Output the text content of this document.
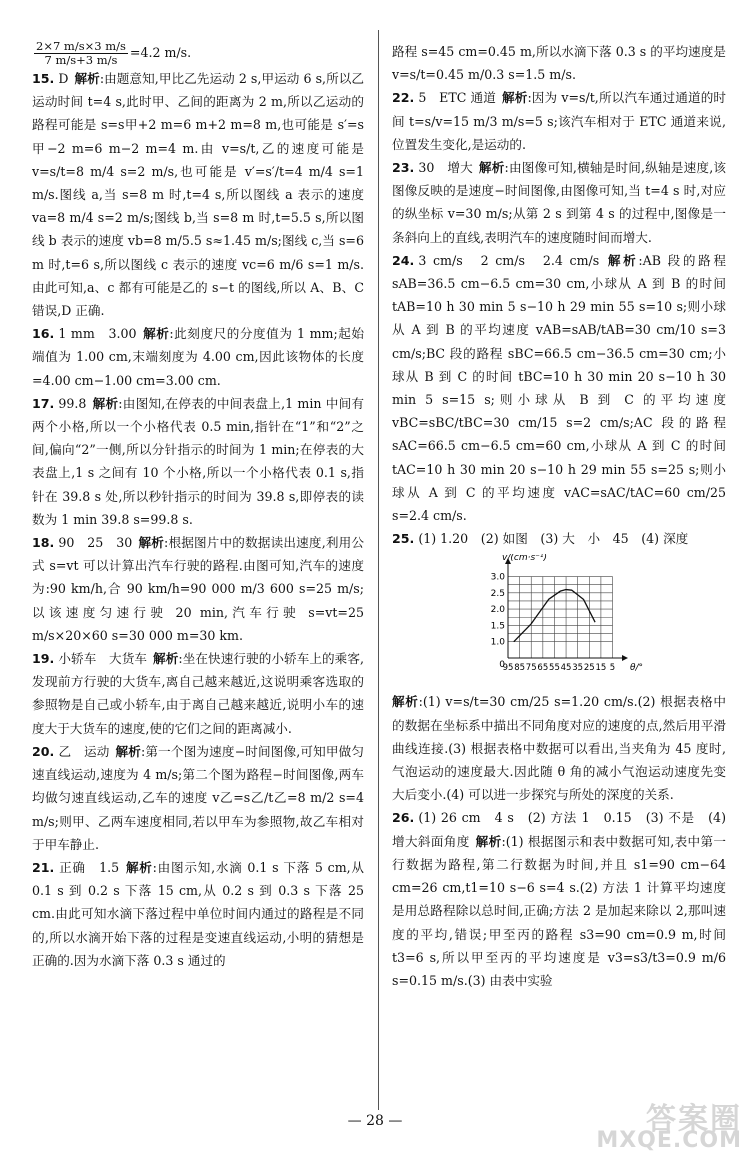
$\frac{2\times 7 m/s\times 3 m/s}{7 m/s+3 m/s} =4.2$ m/s.

15. D 解析:由题意知,甲比乙先运动 2 s,甲运动 6 s,所以乙运动时间 t=4 s,此时甲、乙间的距离为 2 m,所以乙运动的路程可能是 s=s甲+2 m=6 m+2 m=8 m,也可能是 s′=s甲−2 m=6 m−2 m=4 m.由 v=s/t,乙的速度可能是 v=s/t=8 m/4 s=2 m/s,也可能是 v′=s′/t=4 m/4 s=1 m/s.图线 a,当 s=8 m 时,t=4 s,所以图线 a 表示的速度 va=8 m/4 s=2 m/s;图线 b,当 s=8 m 时,t=5.5 s,所以图线 b 表示的速度 vb=8 m/5.5 s≈1.45 m/s;图线 c,当 s=6 m 时,t=6 s,所以图线 c 表示的速度 vc=6 m/6 s=1 m/s.由此可知,a、c 都有可能是乙的 s−t 的图线,所以 A、B、C 错误,D 正确.

16. 1 mm　3.00 解析:此刻度尺的分度值为 1 mm;起始端值为 1.00 cm,末端刻度为 4.00 cm,因此该物体的长度=4.00 cm−1.00 cm=3.00 cm.

17. 99.8 解析:由图知,在停表的中间表盘上,1 min 中间有两个小格,所以一个小格代表 0.5 min,指针在“1”和“2”之间,偏向“2”一侧,所以分针指示的时间为 1 min;在停表的大表盘上,1 s 之间有 10 个小格,所以一个小格代表 0.1 s,指针在 39.8 s 处,所以秒针指示的时间为 39.8 s,即停表的读数为 1 min 39.8 s=99.8 s.

18. 90　25　30 解析:根据图片中的数据读出速度,利用公式 s=vt 可以计算出汽车行驶的路程.由图可知,汽车的速度为:90 km/h,合 90 km/h=90 000 m/3 600 s=25 m/s;以该速度匀速行驶 20 min,汽车行驶 s=vt=25 m/s×20×60 s=30 000 m=30 km.

19. 小轿车　大货车 解析:坐在快速行驶的小轿车上的乘客,发现前方行驶的大货车,离自己越来越近,这说明乘客选取的参照物是自己或小轿车,由于离自己越来越近,说明小车的速度大于大货车的速度,使的它们之间的距离减小.

20. 乙　运动 解析:第一个图为速度−时间图像,可知甲做匀速直线运动,速度为 4 m/s;第二个图为路程−时间图像,两车均做匀速直线运动,乙车的速度 v乙=s乙/t乙=8 m/2 s=4 m/s;则甲、乙两车速度相同,若以甲车为参照物,故乙车相对于甲车静止.

21. 正确　1.5 解析:由图示知,水滴 0.1 s 下落 5 cm,从 0.1 s 到 0.2 s 下落 15 cm,从 0.2 s 到 0.3 s 下落 25 cm.由此可知水滴下落过程中单位时间内通过的路程是不同的,所以水滴开始下落的过程是变速直线运动,小明的猜想是正确的.因为水滴下落 0.3 s 通过的

路程 s=45 cm=0.45 m,所以水滴下落 0.3 s 的平均速度是 v=s/t=0.45 m/0.3 s=1.5 m/s.

22. 5　ETC 通道 解析:因为 v=s/t,所以汽车通过通道的时间 t=s/v=15 m/3 m/s=5 s;该汽车相对于 ETC 通道来说,位置发生变化,是运动的.

23. 30　增大 解析:由图像可知,横轴是时间,纵轴是速度,该图像反映的是速度−时间图像,由图像可知,当 t=4 s 时,对应的纵坐标 v=30 m/s;从第 2 s 到第 4 s 的过程中,图像是一条斜向上的直线,表明汽车的速度随时间而增大.

24. 3 cm/s　2 cm/s　2.4 cm/s 解析:AB 段的路程 sAB=36.5 cm−6.5 cm=30 cm,小球从 A 到 B 的时间 tAB=10 h 30 min 5 s−10 h 29 min 55 s=10 s;则小球从 A 到 B 的平均速度 vAB=sAB/tAB=30 cm/10 s=3 cm/s;BC 段的路程 sBC=66.5 cm−36.5 cm=30 cm;小球从 B 到 C 的时间 tBC=10 h 30 min 20 s−10 h 30 min 5 s=15 s;则小球从 B 到 C 的平均速度 vBC=sBC/tBC=30 cm/15 s=2 cm/s;AC 段的路程 sAC=66.5 cm−6.5 cm=60 cm,小球从 A 到 C 的时间 tAC=10 h 30 min 20 s−10 h 29 min 55 s=25 s;则小球从 A 到 C 的平均速度 vAC=sAC/tAC=60 cm/25 s=2.4 cm/s.

25. (1) 1.20　(2) 如图　(3) 大　小　45　(4) 深度

1.0
1.5
2.0
2.5
3.0
0
95 85 75 65 55 45 35 25 15 5
v/(cm·s⁻¹)
θ/°

解析:(1) v=s/t=30 cm/25 s=1.20 cm/s.(2) 根据表格中的数据在坐标系中描出不同角度对应的速度的点,然后用平滑曲线连接.(3) 根据表格中数据可以看出,当夹角为 45 度时,气泡运动的速度最大.因此随 θ 角的减小气泡运动速度先变大后变小.(4) 可以进一步探究与所处的深度的关系.

26. (1) 26 cm　4 s　(2) 方法 1　0.15　(3) 不是　(4) 增大斜面角度 解析:(1) 根据图示和表中数据可知,表中第一行数据为路程,第二行数据为时间,并且 s1=90 cm−64 cm=26 cm,t1=10 s−6 s=4 s.(2) 方法 1 计算平均速度是用总路程除以总时间,正确;方法 2 是加起来除以 2,那叫速度的平均,错误;甲至丙的路程 s3=90 cm=0.9 m,时间 t3=6 s,所以甲至丙的平均速度是 v3=s3/t3=0.9 m/6 s=0.15 m/s.(3) 由表中实验

— 28 —	答案圈
MXQE.COM
